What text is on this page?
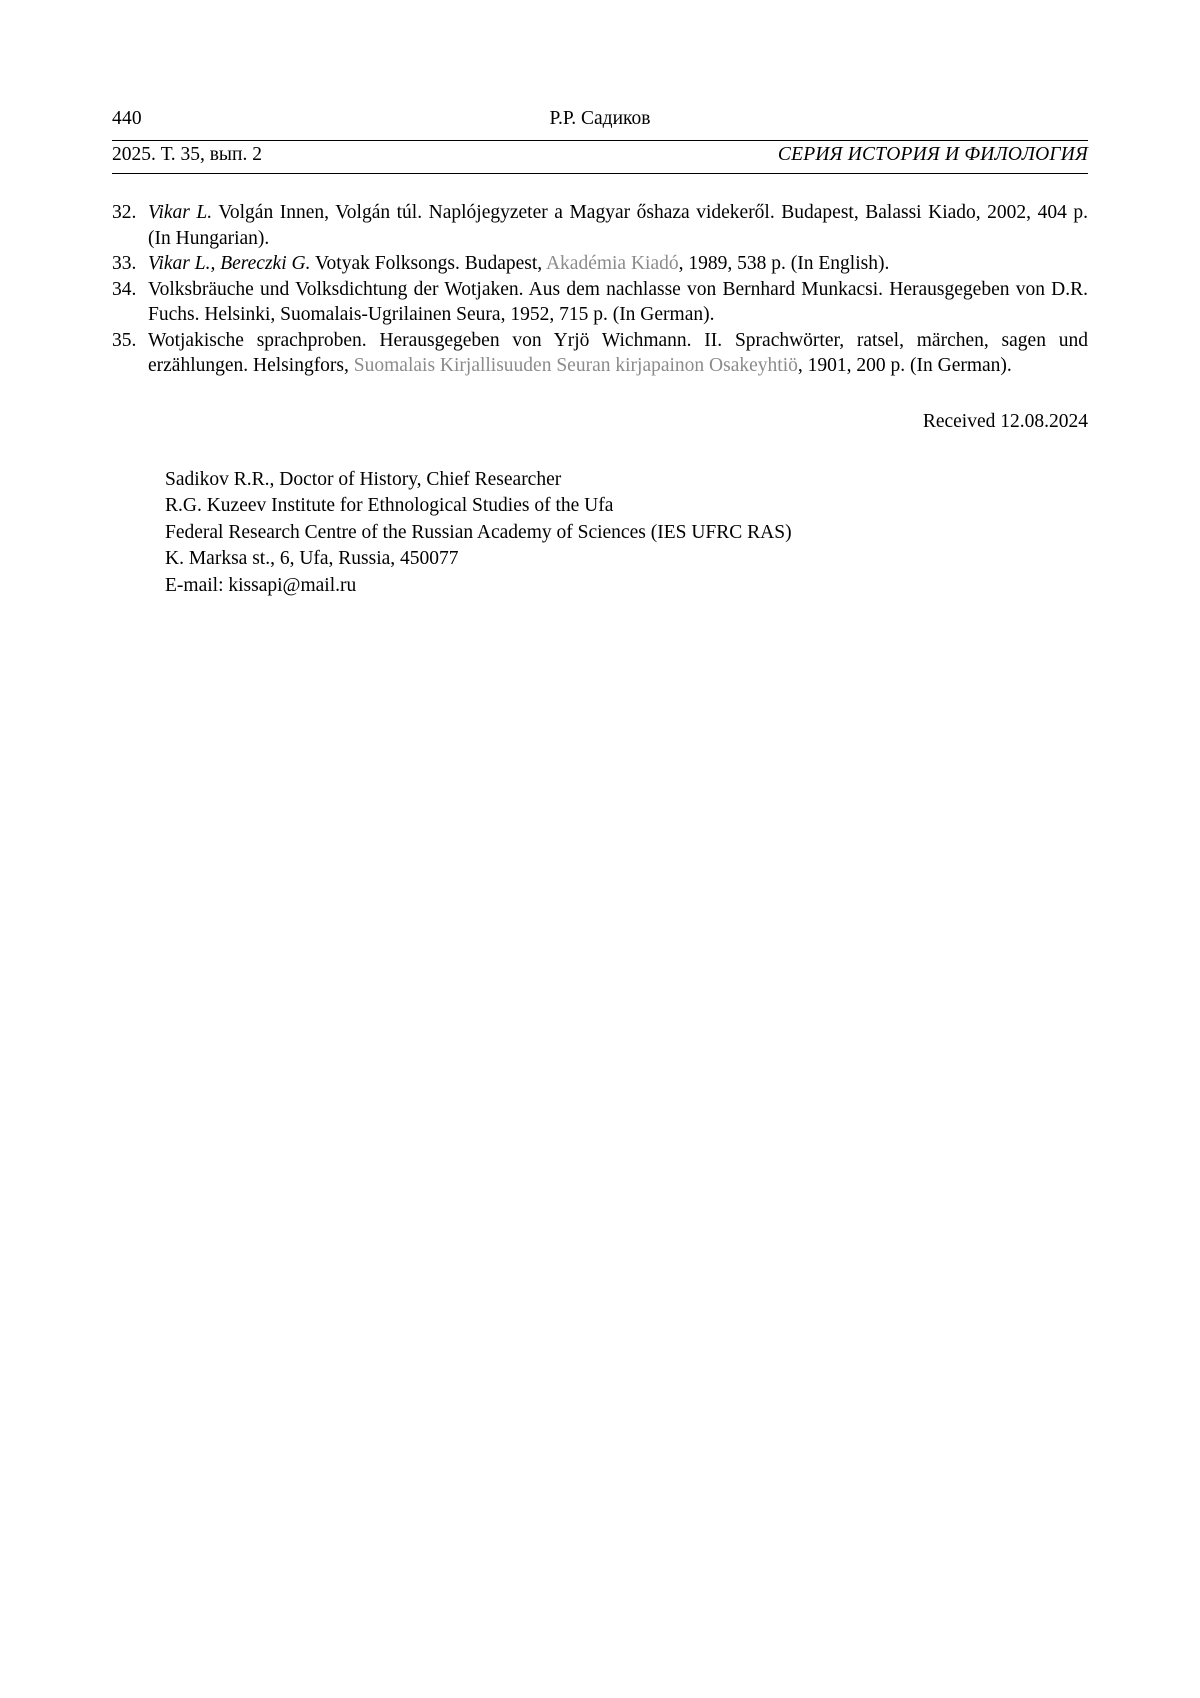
440	Р.Р. Садиков
2025. Т. 35, вып. 2	СЕРИЯ ИСТОРИЯ И ФИЛОЛОГИЯ
32. Vikar L. Volgán Innen, Volgán túl. Naplójegyzeter a Magyar őshaza videkeről. Budapest, Balassi Kiado, 2002, 404 p. (In Hungarian).
33. Vikar L., Bereczki G. Votyak Folksongs. Budapest, Akadémia Kiadó, 1989, 538 p. (In English).
34. Volksbräuche und Volksdichtung der Wotjaken. Aus dem nachlasse von Bernhard Munkacsi. Herausgegeben von D.R. Fuchs. Helsinki, Suomalais-Ugrilainen Seura, 1952, 715 p. (In German).
35. Wotjakische sprachproben. Herausgegeben von Yrjö Wichmann. II. Sprachwörter, ratsel, märchen, sagen und erzählungen. Helsingfors, Suomalais Kirjallisuuden Seuran kirjapainon Osakeyhtiö, 1901, 200 p. (In German).
Received 12.08.2024
Sadikov R.R., Doctor of History, Chief Researcher
R.G. Kuzeev Institute for Ethnological Studies of the Ufa
Federal Research Centre of the Russian Academy of Sciences (IES UFRC RAS)
K. Marksa st., 6, Ufa, Russia, 450077
E-mail: kissapi@mail.ru
